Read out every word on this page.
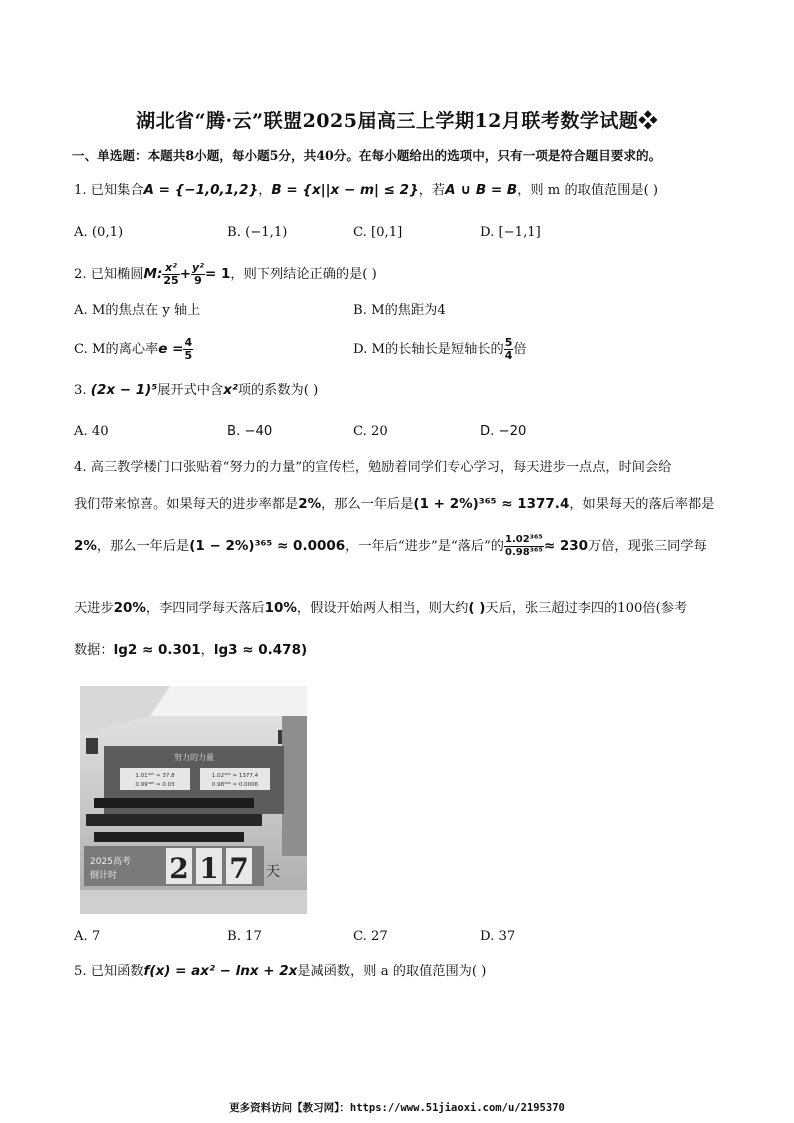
湖北省“腾·云”联盟2025届高三上学期12月联考数学试题❖
一、单选题：本题共8小题，每小题5分，共40分。在每小题给出的选项中，只有一项是符合题目要求的。
1. 已知集合A = {−1,0,1,2}，B = {x||x − m| ≤ 2}，若A ∪ B = B，则 m 的取值范围是( )
A. (0,1)	B. (−1,1)	C. [0,1]	D. [−1,1]
2. 已知椭圆M: $\frac{\text{x²}}{25} + \frac{\text{y²}}{9} = 1$，则下列结论正确的是( )
A. M的焦点在 y 轴上	B. M的焦距为4
C. M的离心率$e = \frac{4}{5}$	D. M的长轴长是短轴长的 $\frac{5}{4}$ 倍
3. (2x − 1)⁵展开式中含x²项的系数为( )
A. 40	B. −40	C. 20	D. −20
4. 高三教学楼门口张贴着“努力的力量”的宣传栏，勉励着同学们专心学习，每天进步一点点，时间会给
我们带来惊喜。如果每天的进步率都是2%，那么一年后是(1 + 2%)³⁶⁵ ≈ 1377.4，如果每天的落后率都是
2%，那么一年后是(1 − 2%)³⁶⁵ ≈ 0.0006，一年后“进步”是“落后”的 $\frac{\text{1.02³⁶⁵}}{\text{0.98³⁶⁵}} \approx 230$万倍，现张三同学每
天进步20%，李四同学每天落后10%，假设开始两人相当，则大约( )天后，张三超过李四的100倍(参考
数据：lg2 ≈ 0.301，lg3 ≈ 0.478)
努力的力量
1.01³⁶⁵ ≈ 37.8
0.99³⁶⁵ ≈ 0.03
1.02³⁶⁵ ≈ 1377.4
0.98³⁶⁵ ≈ 0.0006
2025高考
倒计时 2 1 7 天
A. 7	B. 17	C. 27	D. 37
5. 已知函数f(x) = ax² − lnx + 2x是减函数，则 a 的取值范围为( )
更多资料访问【教习网】：https://www.51jiaoxi.com/u/2195370
